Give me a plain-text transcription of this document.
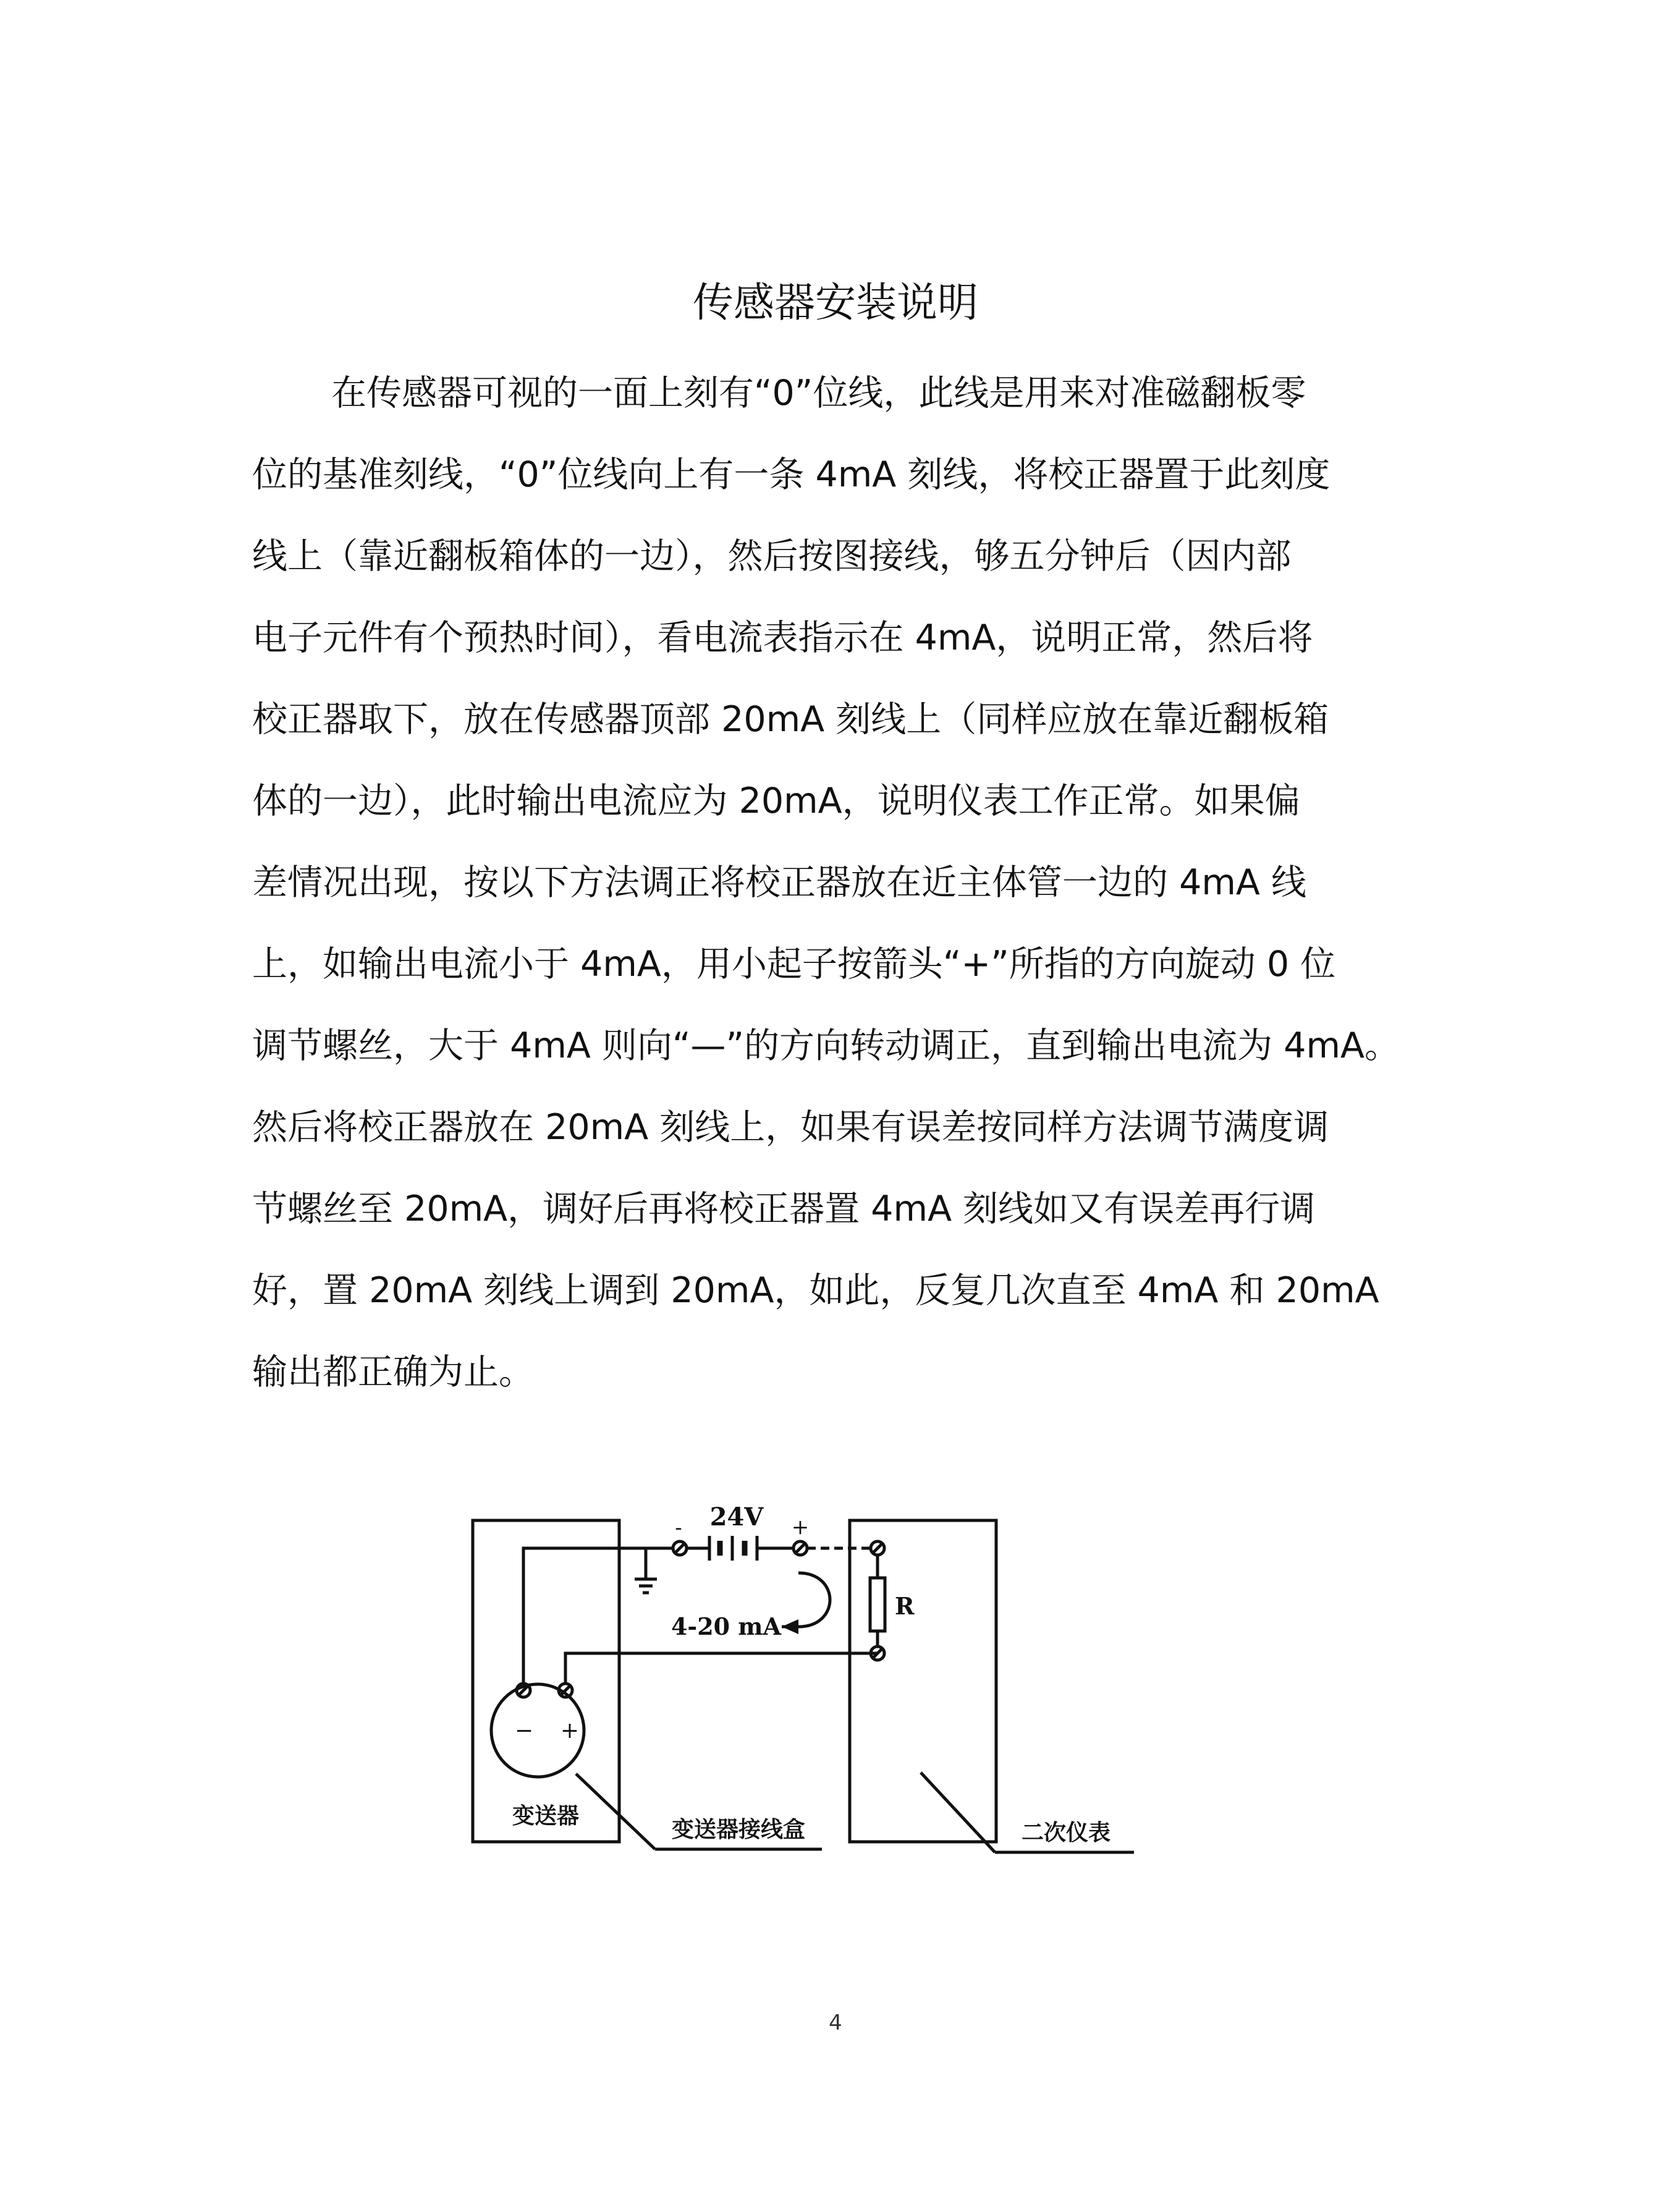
传感器安装说明
在传感器可视的一面上刻有“0”位线，此线是用来对准磁翻板零
位的基准刻线，“0”位线向上有一条 4mA 刻线，将校正器置于此刻度
线上（靠近翻板箱体的一边），然后按图接线，够五分钟后（因内部
电子元件有个预热时间），看电流表指示在 4mA，说明正常，然后将
校正器取下，放在传感器顶部 20mA 刻线上（同样应放在靠近翻板箱
体的一边），此时输出电流应为 20mA，说明仪表工作正常。如果偏
差情况出现，按以下方法调正将校正器放在近主体管一边的 4mA 线
上，如输出电流小于 4mA，用小起子按箭头“+”所指的方向旋动 0 位
调节螺丝，大于 4mA 则向“—”的方向转动调正，直到输出电流为 4mA。
然后将校正器放在 20mA 刻线上，如果有误差按同样方法调节满度调
节螺丝至 20mA，调好后再将校正器置 4mA 刻线如又有误差再行调
好，置 20mA 刻线上调到 20mA，如此，反复几次直至 4mA 和 20mA
输出都正确为止。
− +
- 24V +
R
4-20 mA
变送器
变送器接线盒	二次仪表
4
